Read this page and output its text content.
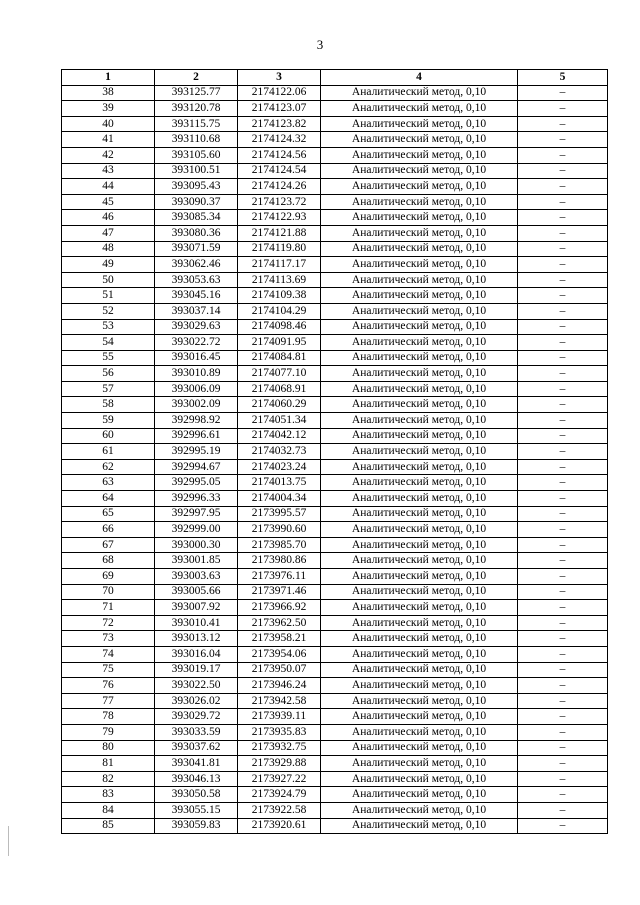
3
1	2	3	4	5
38	393125.77	2174122.06	Аналитический метод, 0,10	–
39	393120.78	2174123.07	Аналитический метод, 0,10	–
40	393115.75	2174123.82	Аналитический метод, 0,10	–
41	393110.68	2174124.32	Аналитический метод, 0,10	–
42	393105.60	2174124.56	Аналитический метод, 0,10	–
43	393100.51	2174124.54	Аналитический метод, 0,10	–
44	393095.43	2174124.26	Аналитический метод, 0,10	–
45	393090.37	2174123.72	Аналитический метод, 0,10	–
46	393085.34	2174122.93	Аналитический метод, 0,10	–
47	393080.36	2174121.88	Аналитический метод, 0,10	–
48	393071.59	2174119.80	Аналитический метод, 0,10	–
49	393062.46	2174117.17	Аналитический метод, 0,10	–
50	393053.63	2174113.69	Аналитический метод, 0,10	–
51	393045.16	2174109.38	Аналитический метод, 0,10	–
52	393037.14	2174104.29	Аналитический метод, 0,10	–
53	393029.63	2174098.46	Аналитический метод, 0,10	–
54	393022.72	2174091.95	Аналитический метод, 0,10	–
55	393016.45	2174084.81	Аналитический метод, 0,10	–
56	393010.89	2174077.10	Аналитический метод, 0,10	–
57	393006.09	2174068.91	Аналитический метод, 0,10	–
58	393002.09	2174060.29	Аналитический метод, 0,10	–
59	392998.92	2174051.34	Аналитический метод, 0,10	–
60	392996.61	2174042.12	Аналитический метод, 0,10	–
61	392995.19	2174032.73	Аналитический метод, 0,10	–
62	392994.67	2174023.24	Аналитический метод, 0,10	–
63	392995.05	2174013.75	Аналитический метод, 0,10	–
64	392996.33	2174004.34	Аналитический метод, 0,10	–
65	392997.95	2173995.57	Аналитический метод, 0,10	–
66	392999.00	2173990.60	Аналитический метод, 0,10	–
67	393000.30	2173985.70	Аналитический метод, 0,10	–
68	393001.85	2173980.86	Аналитический метод, 0,10	–
69	393003.63	2173976.11	Аналитический метод, 0,10	–
70	393005.66	2173971.46	Аналитический метод, 0,10	–
71	393007.92	2173966.92	Аналитический метод, 0,10	–
72	393010.41	2173962.50	Аналитический метод, 0,10	–
73	393013.12	2173958.21	Аналитический метод, 0,10	–
74	393016.04	2173954.06	Аналитический метод, 0,10	–
75	393019.17	2173950.07	Аналитический метод, 0,10	–
76	393022.50	2173946.24	Аналитический метод, 0,10	–
77	393026.02	2173942.58	Аналитический метод, 0,10	–
78	393029.72	2173939.11	Аналитический метод, 0,10	–
79	393033.59	2173935.83	Аналитический метод, 0,10	–
80	393037.62	2173932.75	Аналитический метод, 0,10	–
81	393041.81	2173929.88	Аналитический метод, 0,10	–
82	393046.13	2173927.22	Аналитический метод, 0,10	–
83	393050.58	2173924.79	Аналитический метод, 0,10	–
84	393055.15	2173922.58	Аналитический метод, 0,10	–
85	393059.83	2173920.61	Аналитический метод, 0,10	–
